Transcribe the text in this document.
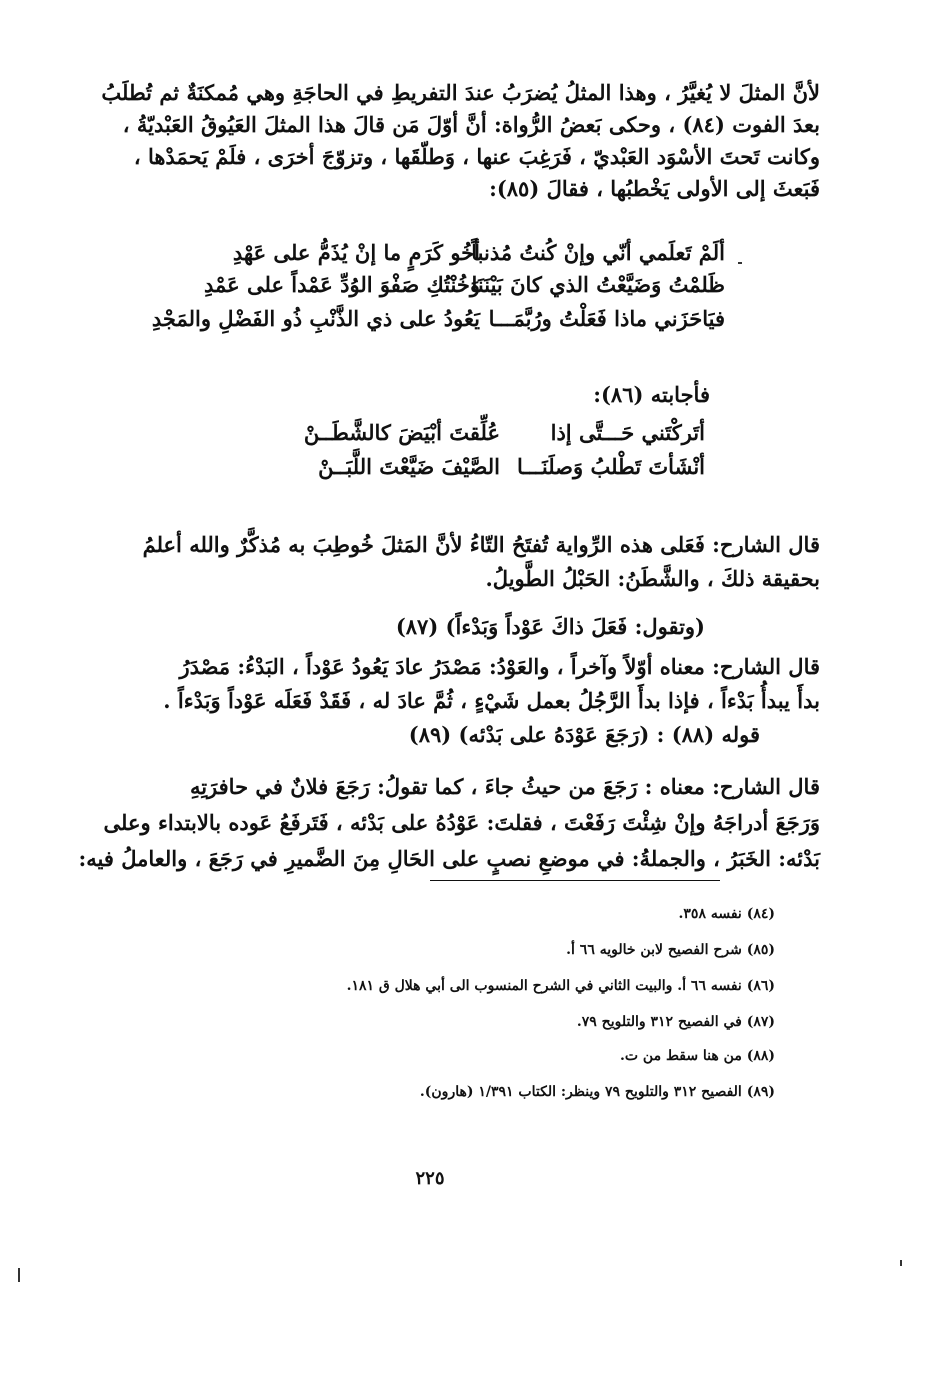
لأنَّ المثلَ لا يُغيَّرُ ، وهذا المثلُ يُضرَبُ عندَ التفريطِ في الحاجَةِ وهي مُمكنَةٌ ثم تُطلَبُ
بعدَ الفوت (٨٤) ، وحكى بَعضُ الرُّواة: أنَّ أوّلَ مَن قالَ هذا المثلَ العَيُوقُ العَبْديّةُ ،
وكانت تَحتَ الأسْوَد العَبْديّ ، فَرَغِبَ عنها ، وَطلّقَها ، وتزوّجَ أخرَى ، فلَمْ يَحمَدْها ،
فَبَعثَ إلى الأولى يَخْطبُها ، فقالَ (٨٥):
ألَمْ تَعلَمي أنّي وإنْ كُنتُ مُذنباً
أخُو كَرَمٍ ما إنْ يُذَمُّ على عَهْدِ
ظَلمْتُ وَضَيَّعْتُ الذي كانَ بَيْنَنَا
وَخُنْتُكِ صَفْوَ الوُدِّ عَمْداً على عَمْدِ
فيَاحَزَني ماذا فَعَلْتُ ورُبَّمَـــا
يَعُودُ على ذي الذَّنْبِ ذُو الفَضْلِ والمَجْدِ
فأجابته (٨٦):
أتَركْتَني حَـــتَّى إذا
عُلِّقتَ أبْيَضَ كالشَّطَــنْ
أنْشَأتَ تَطْلبُ وَصلَنَـــا
الصَّيْفَ ضَيَّعْتَ اللَّبَــنْ
قال الشارح: فَعَلى هذه الرِّواية تُفتَحُ التّاءُ لأنَّ المَثلَ خُوطِبَ به مُذكَّرٌ والله أعلمُ
بحقيقة ذلكَ ، والشَّطَنُ: الحَبْلُ الطَّويلُ.
(وتقول: فَعَلَ ذاكَ عَوْداً وَبَدْءاً) (٨٧)
قال الشارح: معناه أوّلاً وآخراً ، والعَوْدُ: مَصْدَرُ عادَ يَعُودُ عَوْداً ، البَدْءُ: مَصْدَرُ
بدأَ يبدأُ بَدْءاً ، فإذا بدأَ الرَّجُلُ بعمل شَيْءٍ ، ثُمَّ عادَ له ، فَقَدْ فَعَلَه عَوْداً وَبَدْءاً .
قوله (٨٨) : (رَجَعَ عَوْدَهُ على بَدْئه) (٨٩)
قال الشارح: معناه : رَجَعَ من حيثُ جاءَ ، كما تقولُ: رَجَعَ فلانٌ في حافرَتِهِ
وَرَجَعَ أدراجَهُ وإنْ شِئْتَ رَفَعْتَ ، فقلتَ: عَوْدُهُ على بَدْئه ، فَتَرفَعُ عَوده بالابتداء وعلى
بَدْئه: الخَبَرُ ، والجملةُ: في موضعِ نصبٍ على الحَالِ مِنَ الضَّميرِ في رَجَعَ ، والعاملُ فيه:
(٨٤) نفسه ٣٥٨.
(٨٥) شرح الفصيح لابن خالويه ٦٦ أ.
(٨٦) نفسه ٦٦ أ. والبيت الثاني في الشرح المنسوب الى أبي هلال ق ١٨١.
(٨٧) في الفصيح ٣١٢ والتلويح ٧٩.
(٨٨) من هنا سقط من ت.
(٨٩) الفصيح ٣١٢ والتلويح ٧٩ وينظر: الكتاب ١/٣٩١ (هارون).
٢٢٥
